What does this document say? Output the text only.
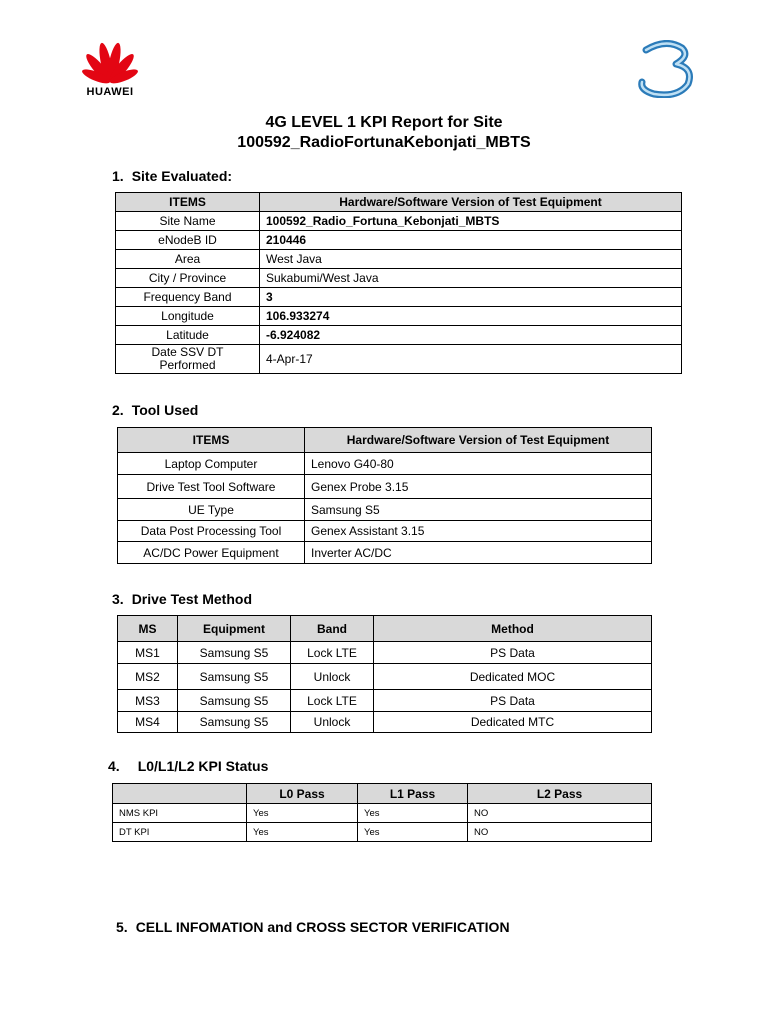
HUAWEI
4G LEVEL 1 KPI Report for Site
100592_RadioFortunaKebonjati_MBTS
1. Site Evaluated:
ITEMS	Hardware/Software Version of Test Equipment
Site Name	100592_Radio_Fortuna_Kebonjati_MBTS
eNodeB ID	210446
Area	West Java
City / Province	Sukabumi/West Java
Frequency Band	3
Longitude	106.933274
Latitude	-6.924082
Date SSV DT Performed	4-Apr-17
2. Tool Used
ITEMS	Hardware/Software Version of Test Equipment
Laptop Computer	Lenovo G40-80
Drive Test Tool Software	Genex Probe 3.15
UE Type	Samsung S5
Data Post Processing Tool	Genex Assistant 3.15
AC/DC Power Equipment	Inverter AC/DC
3. Drive Test Method
MS	Equipment	Band	Method
MS1	Samsung S5	Lock LTE	PS Data
MS2	Samsung S5	Unlock	Dedicated MOC
MS3	Samsung S5	Lock LTE	PS Data
MS4	Samsung S5	Unlock	Dedicated MTC
4. L0/L1/L2 KPI Status
	L0 Pass	L1 Pass	L2 Pass
NMS KPI	Yes	Yes	NO
DT KPI	Yes	Yes	NO
5. CELL INFOMATION and CROSS SECTOR VERIFICATION
